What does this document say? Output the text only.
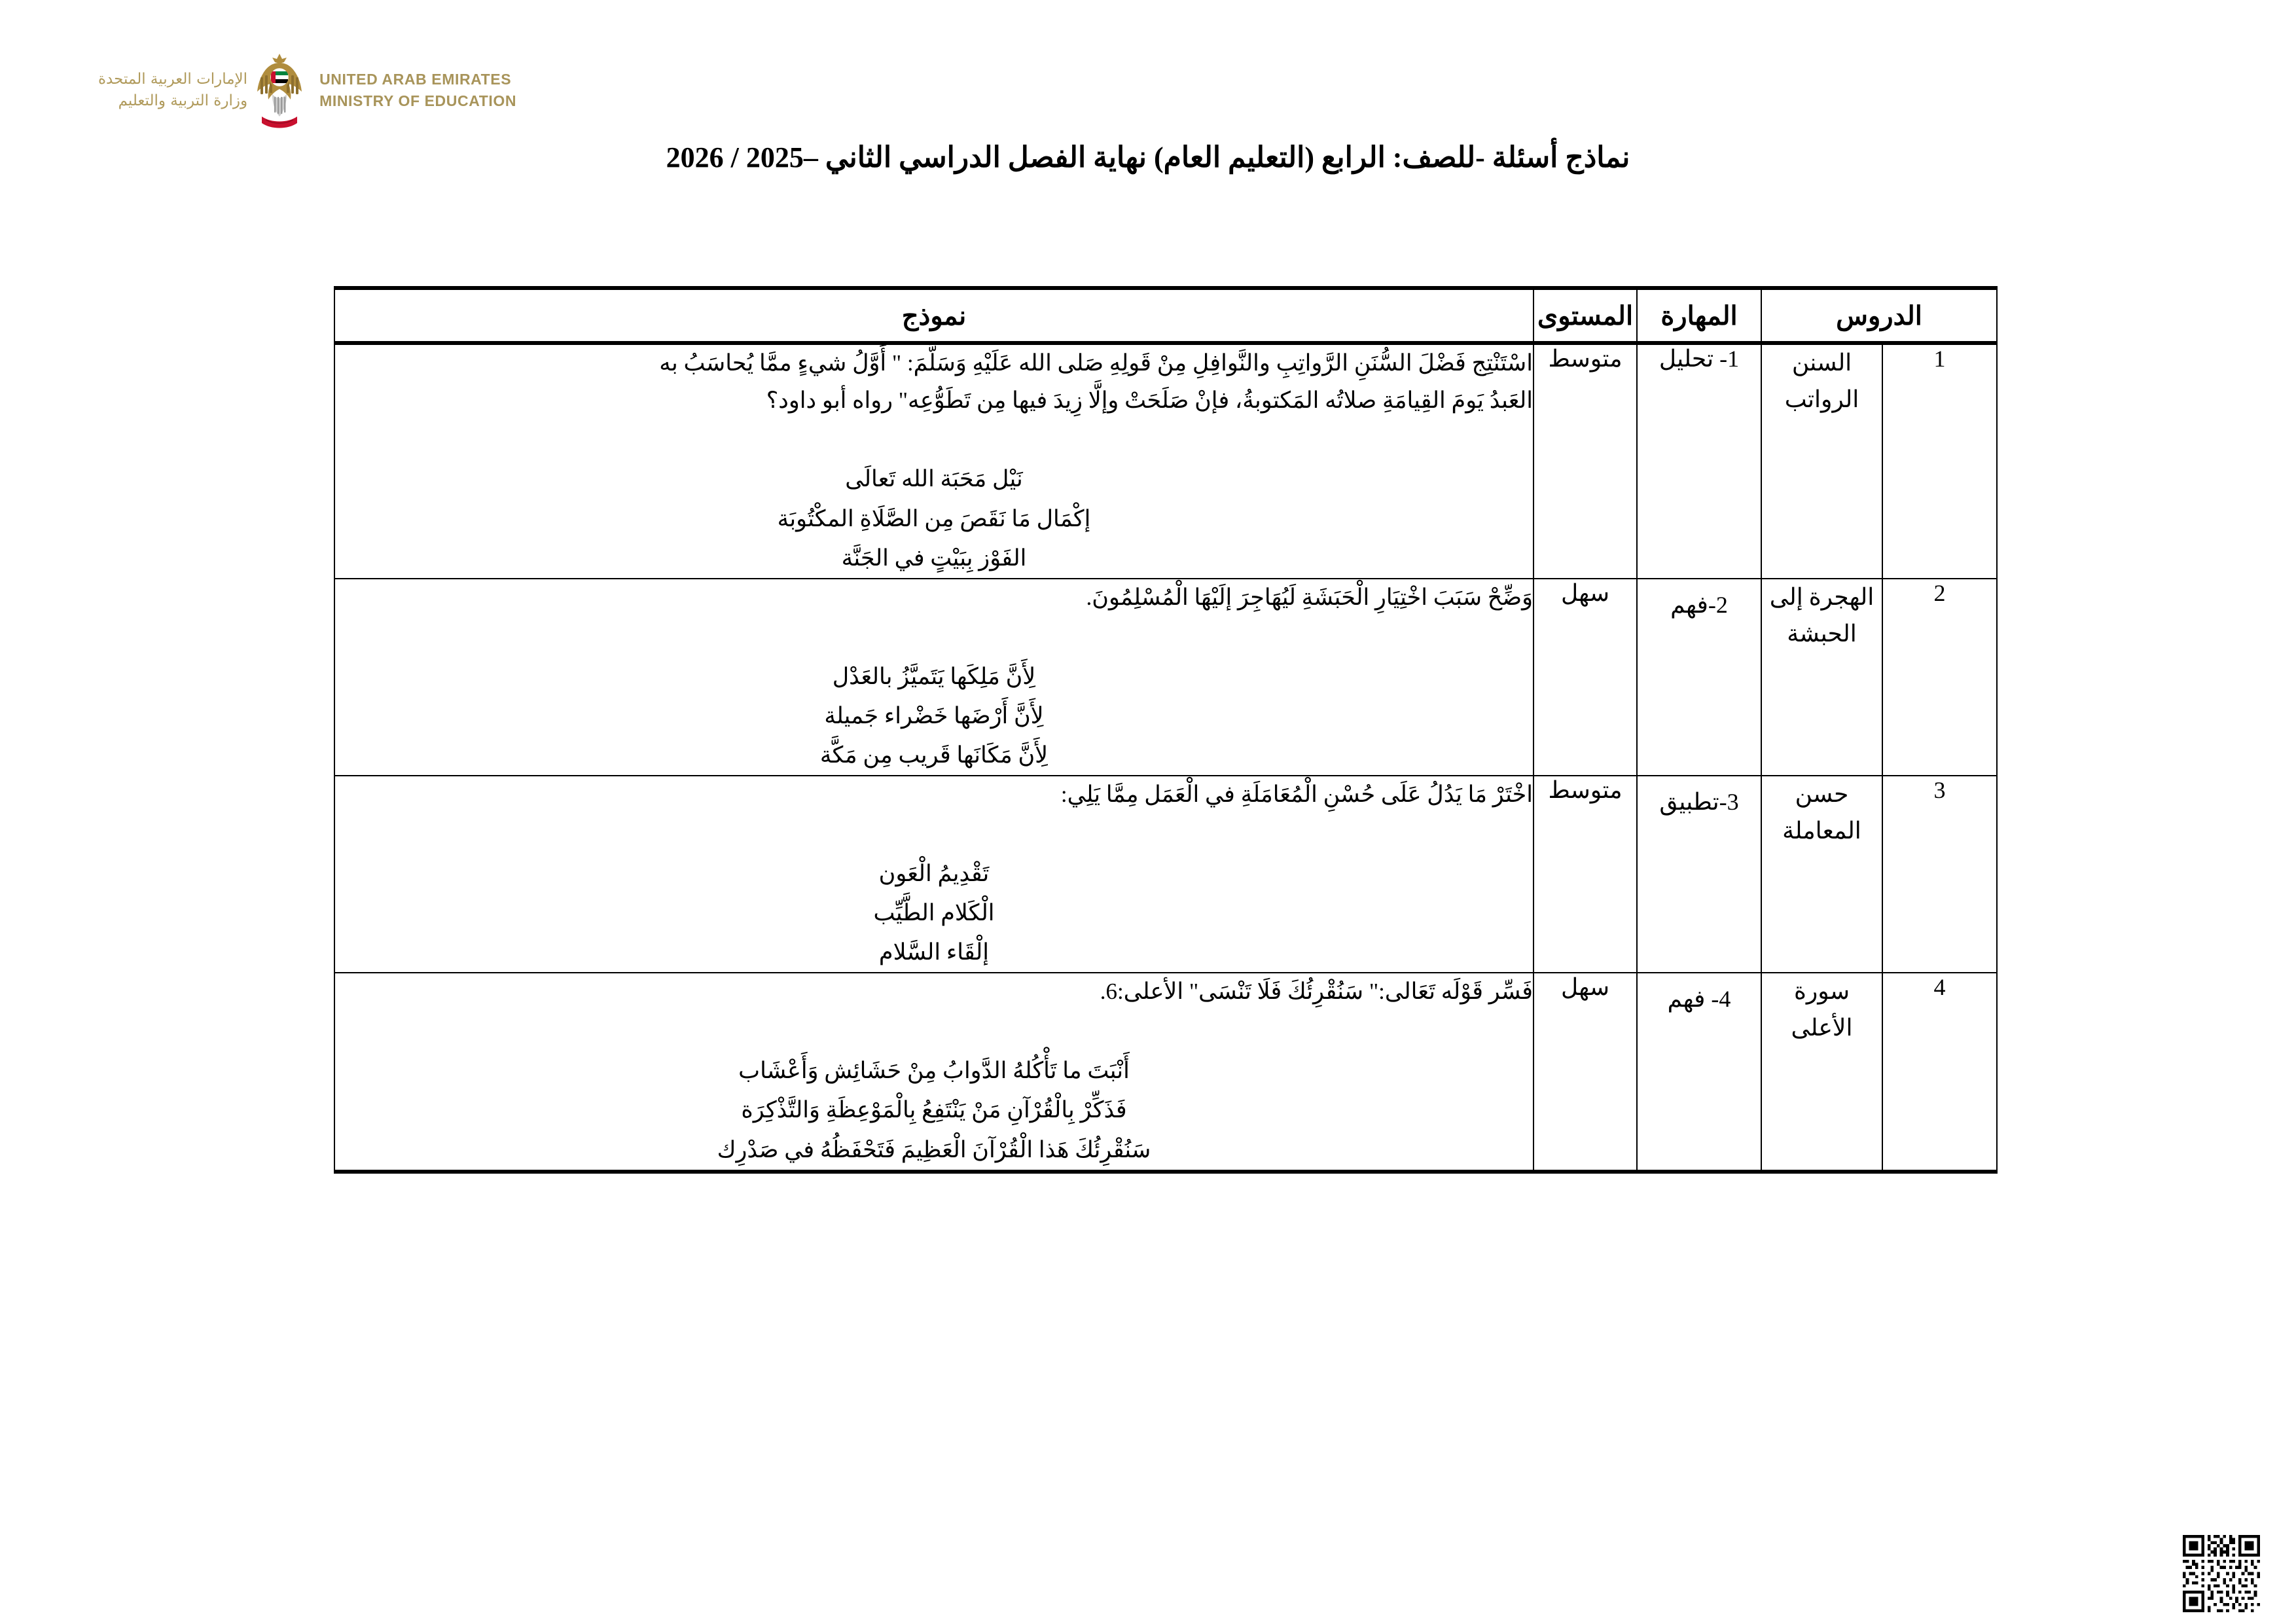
الإمارات العربية المتحدة
وزارة التربية والتعليم
UNITED ARAB EMIRATES
MINISTRY OF EDUCATION
نماذج أسئلة -للصف: الرابع (التعليم العام) نهاية الفصل الدراسي الثاني –2025 / 2026
الدروس		المهارة	المستوى	نموذج
1	السنن الرواتب	1- تحليل	متوسط	اسْتَنْتِج فَضْلَ السُّنَنِ الرَّواتِبِ والنَّوافِلِ مِنْ قَولِهِ صَلى الله عَلَيْهِ وَسَلَّمَ: " أَوَّلُ شيءٍ ممَّا يُحاسَبُ به
العَبدُ يَومَ القِيامَةِ صلاتُه المَكتوبةُ، فإنْ صَلَحَتْ وإلَّا زِيدَ فيها مِن تَطَوُّعِه" رواه أبو داود؟
نَيْل مَحَبَة الله تَعالَى
إكْمَال مَا نَقَصَ مِن الصَّلَاةِ المكْتُوبَة
الفَوْز بِبَيْتٍ في الجَنَّة

2	الهجرة إلى الحبشة	2-فهم	سهل	وَضِّحْ سَبَبَ اخْتِيَارِ الْحَبَشَةِ لَيُهَاجِرَ إلَيْهَا الْمُسْلِمُونَ.
لِأَنَّ مَلِكَها يَتَميَّزُ بالعَدْل
لِأَنَّ أَرْضَها خَضْراء جَميلة
لِأَنَّ مَكَانَها قَريب مِن مَكَّة

3	حسن المعاملة	3-تطبيق	متوسط	اخْتَرْ مَا يَدُلُ عَلَى حُسْنِ الْمُعَامَلَةِ في الْعَمَل مِمَّا يَلِي:
تَقْدِيمُ الْعَون
الْكَلام الطَّيِّب
إلْقَاء السَّلام

4	سورة الأعلى	4- فهم	سهل	فَسِّر قَوْلَه تَعَالى:" سَنُقْرِئُكَ فَلَا تَنْسَى" الأعلى:6.
أَنْبَتَ ما تَأْكُلهُ الدَّوابُ مِنْ حَشَائِش وَأَعْشَاب
فَذَكِّرْ بِالْقُرْآنِ مَنْ يَنْتَفِعُ بِالْمَوْعِظَةِ وَالتَّذْكِرَة
سَنُقْرِئُكَ هَذا الْقُرْآنَ الْعَظِيمَ فَتَحْفَظُهُ في صَدْرِك
